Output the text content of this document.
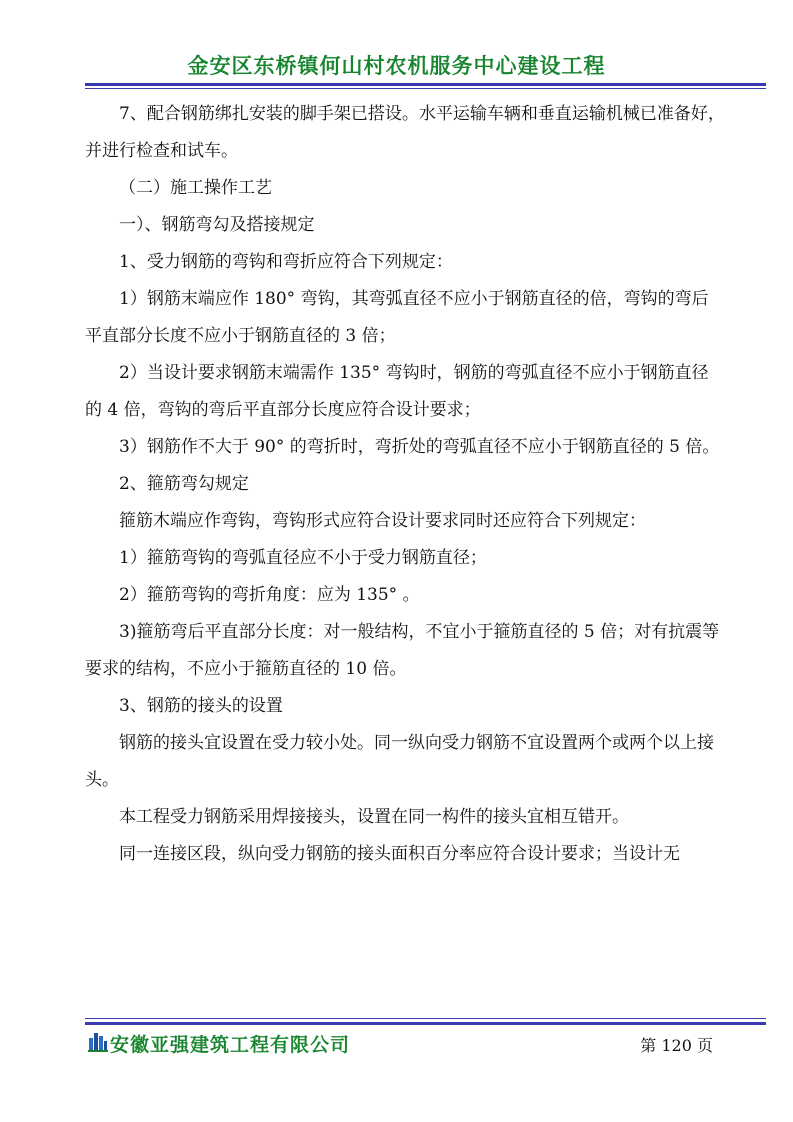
金安区东桥镇何山村农机服务中心建设工程

7、配合钢筋绑扎安装的脚手架已搭设。水平运输车辆和垂直运输机械已准备好，并进行检查和试车。

（二）施工操作工艺

一）、钢筋弯勾及搭接规定

1、受力钢筋的弯钩和弯折应符合下列规定：

1）钢筋末端应作 180° 弯钩，其弯弧直径不应小于钢筋直径的倍，弯钩的弯后平直部分长度不应小于钢筋直径的 3 倍；

2）当设计要求钢筋末端需作 135° 弯钩时，钢筋的弯弧直径不应小于钢筋直径的 4 倍，弯钩的弯后平直部分长度应符合设计要求；

3）钢筋作不大于 90° 的弯折时，弯折处的弯弧直径不应小于钢筋直径的 5 倍。

2、箍筋弯勾规定

箍筋木端应作弯钩，弯钩形式应符合设计要求同时还应符合下列规定：

1）箍筋弯钩的弯弧直径应不小于受力钢筋直径；

2）箍筋弯钩的弯折角度：应为 135° 。

3)箍筋弯后平直部分长度：对一般结构，不宜小于箍筋直径的 5 倍；对有抗震等要求的结构，不应小于箍筋直径的 10 倍。

3、钢筋的接头的设置

钢筋的接头宜设置在受力较小处。同一纵向受力钢筋不宜设置两个或两个以上接头。

本工程受力钢筋采用焊接接头，设置在同一构件的接头宜相互错开。

同一连接区段，纵向受力钢筋的接头面积百分率应符合设计要求；当设计无

安徽亚强建筑工程有限公司	第 120 页
